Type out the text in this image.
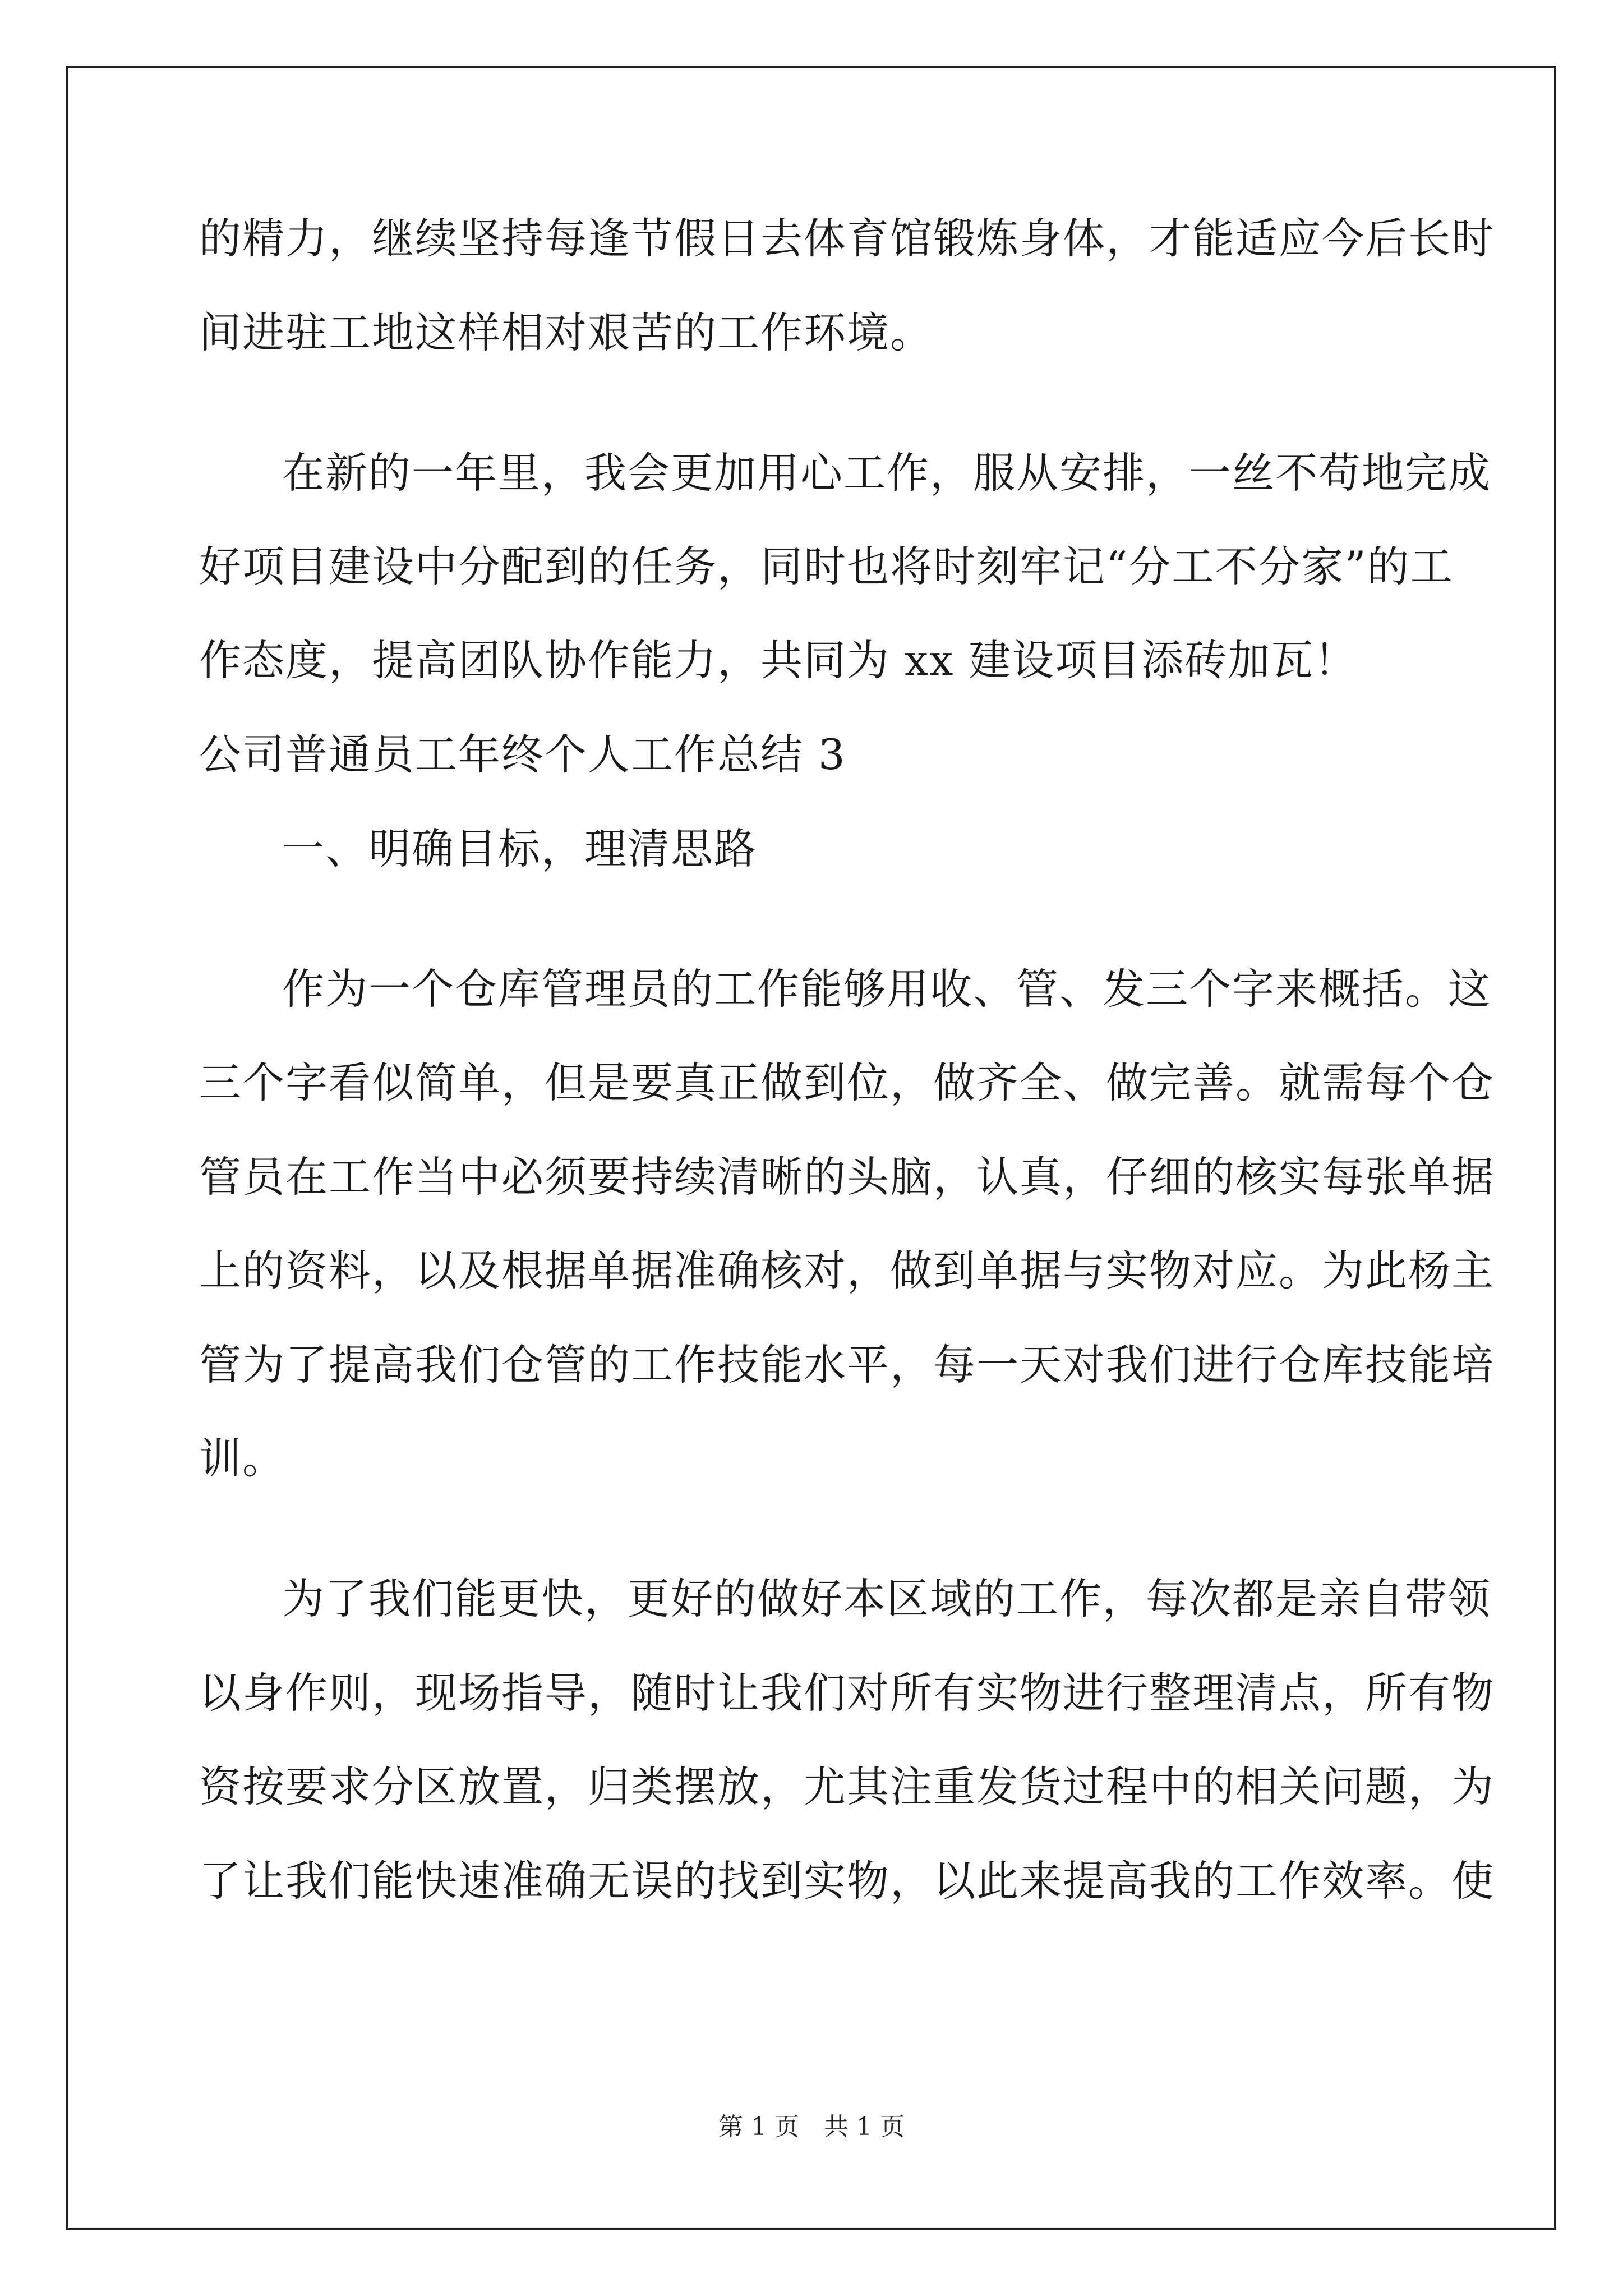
的精力，继续坚持每逢节假日去体育馆锻炼身体，才能适应今后长时
间进驻工地这样相对艰苦的工作环境。
在新的一年里，我会更加用心工作，服从安排，一丝不苟地完成
好项目建设中分配到的任务，同时也将时刻牢记“分工不分家”的工
作态度，提高团队协作能力，共同为 xx 建设项目添砖加瓦！
公司普通员工年终个人工作总结 3
一、明确目标，理清思路
作为一个仓库管理员的工作能够用收、管、发三个字来概括。这
三个字看似简单，但是要真正做到位，做齐全、做完善。就需每个仓
管员在工作当中必须要持续清晰的头脑，认真，仔细的核实每张单据
上的资料，以及根据单据准确核对，做到单据与实物对应。为此杨主
管为了提高我们仓管的工作技能水平，每一天对我们进行仓库技能培
训。
为了我们能更快，更好的做好本区域的工作，每次都是亲自带领
以身作则，现场指导，随时让我们对所有实物进行整理清点，所有物
资按要求分区放置，归类摆放，尤其注重发货过程中的相关问题，为
了让我们能快速准确无误的找到实物，以此来提高我的工作效率。使
第 1 页　共 1 页
